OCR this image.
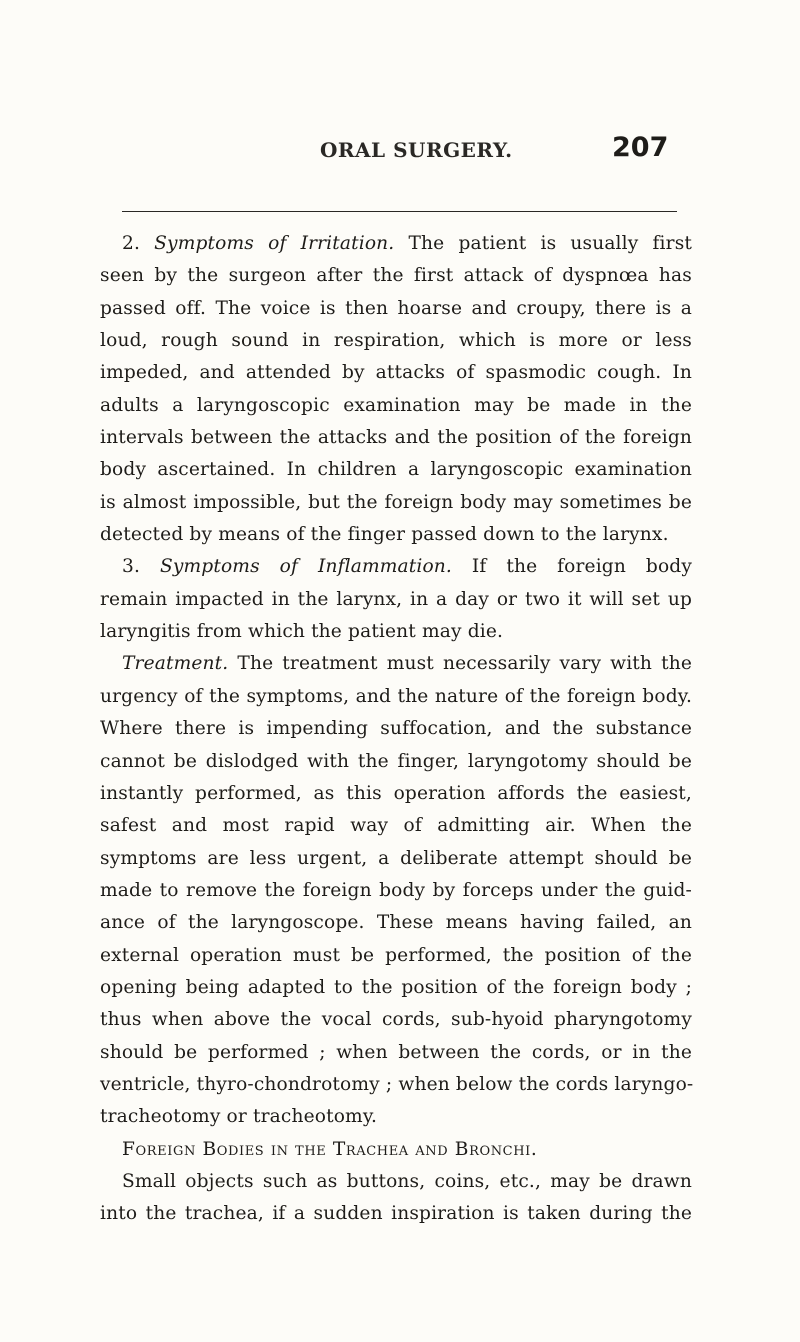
ORAL SURGERY.	207
2. Symptoms of Irritation. The patient is usually first
seen by the surgeon after the first attack of dyspnœa has
passed off. The voice is then hoarse and croupy, there is a
loud, rough sound in respiration, which is more or less
impeded, and attended by attacks of spasmodic cough. In
adults a laryngoscopic examination may be made in the
intervals between the attacks and the position of the foreign
body ascertained. In children a laryngoscopic examination
is almost impossible, but the foreign body may sometimes be
detected by means of the finger passed down to the larynx.
3. Symptoms of Inflammation. If the foreign body
remain impacted in the larynx, in a day or two it will set up
laryngitis from which the patient may die.
Treatment. The treatment must necessarily vary with the
urgency of the symptoms, and the nature of the foreign body.
Where there is impending suffocation, and the substance
cannot be dislodged with the finger, laryngotomy should be
instantly performed, as this operation affords the easiest,
safest and most rapid way of admitting air. When the
symptoms are less urgent, a deliberate attempt should be
made to remove the foreign body by forceps under the guid-
ance of the laryngoscope. These means having failed, an
external operation must be performed, the position of the
opening being adapted to the position of the foreign body ;
thus when above the vocal cords, sub-hyoid pharyngotomy
should be performed ; when between the cords, or in the
ventricle, thyro-chondrotomy ; when below the cords laryngo-
tracheotomy or tracheotomy.
Foreign Bodies in the Trachea and Bronchi.
Small objects such as buttons, coins, etc., may be drawn
into the trachea, if a sudden inspiration is taken during the
